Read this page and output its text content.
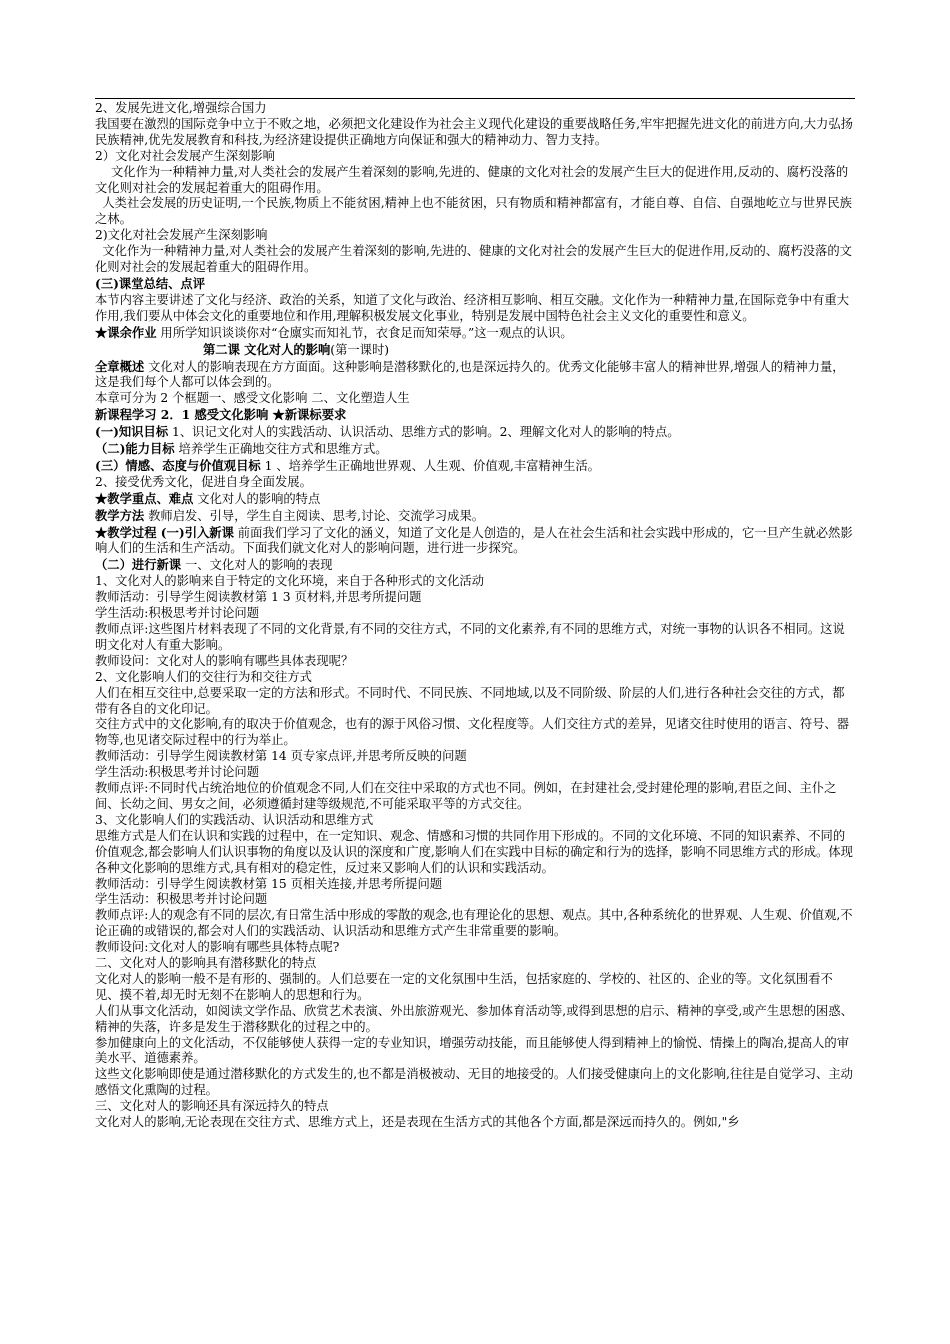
2、发展先进文化,增强综合国力

我国要在激烈的国际竞争中立于不败之地，必须把文化建设作为社会主义现代化建设的重要战略任务,牢牢把握先进文化的前进方向,大力弘扬民族精神,优先发展教育和科技,为经济建设提供正确地方向保证和强大的精神动力、智力支持。

2）文化对社会发展产生深刻影响

文化作为一种精神力量,对人类社会的发展产生着深刻的影响,先进的、健康的文化对社会的发展产生巨大的促进作用,反动的、腐朽没落的文化则对社会的发展起着重大的阻碍作用。

人类社会发展的历史证明,一个民族,物质上不能贫困,精神上也不能贫困，只有物质和精神都富有，才能自尊、自信、自强地屹立与世界民族之林。

2)文化对社会发展产生深刻影响

文化作为一种精神力量,对人类社会的发展产生着深刻的影响,先进的、健康的文化对社会的发展产生巨大的促进作用,反动的、腐朽没落的文化则对社会的发展起着重大的阻碍作用。

(三)课堂总结、点评

本节内容主要讲述了文化与经济、政治的关系，知道了文化与政治、经济相互影响、相互交融。文化作为一种精神力量,在国际竞争中有重大作用,我们要从中体会文化的重要地位和作用,理解积极发展文化事业，特别是发展中国特色社会主义文化的重要性和意义。

★课余作业 用所学知识谈谈你对“仓廪实而知礼节，衣食足而知荣辱。”这一观点的认识。

第二课 文化对人的影响(第一课时)

全章概述 文化对人的影响表现在方方面面。这种影响是潜移默化的,也是深远持久的。优秀文化能够丰富人的精神世界,增强人的精神力量，这是我们每个人都可以体会到的。

本章可分为 2 个框题一、感受文化影响 二、文化塑造人生

新课程学习 2．1 感受文化影响 ★新课标要求

(一)知识目标 1、识记文化对人的实践活动、认识活动、思维方式的影响。2、理解文化对人的影响的特点。

（二)能力目标 培养学生正确地交往方式和思维方式。

(三）情感、态度与价值观目标 1 、培养学生正确地世界观、人生观、价值观,丰富精神生活。

2、接受优秀文化，促进自身全面发展。

★教学重点、难点 文化对人的影响的特点

教学方法 教师启发、引导，学生自主阅读、思考,讨论、交流学习成果。

★教学过程 (一)引入新课 前面我们学习了文化的涵义，知道了文化是人创造的，是人在社会生活和社会实践中形成的，它一旦产生就必然影响人们的生活和生产活动。下面我们就文化对人的影响问题，进行进一步探究。

（二）进行新课 一、文化对人的影响的表现

1、文化对人的影响来自于特定的文化环境，来自于各种形式的文化活动

教师活动：引导学生阅读教材第 1 3 页材料,并思考所提问题

学生活动:积极思考并讨论问题

教师点评:这些图片材料表现了不同的文化背景,有不同的交往方式，不同的文化素养,有不同的思维方式，对统一事物的认识各不相同。这说明文化对人有重大影响。

教师设问：文化对人的影响有哪些具体表现呢？

2、文化影响人们的交往行为和交往方式

人们在相互交往中,总要采取一定的方法和形式。不同时代、不同民族、不同地域,以及不同阶级、阶层的人们,进行各种社会交往的方式，都带有各自的文化印记。

交往方式中的文化影响,有的取决于价值观念，也有的源于风俗习惯、文化程度等。人们交往方式的差异，见诸交往时使用的语言、符号、器物等,也见诸交际过程中的行为举止。

教师活动：引导学生阅读教材第 14 页专家点评,并思考所反映的问题

学生活动:积极思考并讨论问题

教师点评:不同时代占统治地位的价值观念不同,人们在交往中采取的方式也不同。例如，在封建社会,受封建伦理的影响,君臣之间、主仆之间、长幼之间、男女之间，必须遵循封建等级规范,不可能采取平等的方式交往。

3、文化影响人们的实践活动、认识活动和思维方式

思维方式是人们在认识和实践的过程中，在一定知识、观念、情感和习惯的共同作用下形成的。不同的文化环境、不同的知识素养、不同的价值观念,都会影响人们认识事物的角度以及认识的深度和广度,影响人们在实践中目标的确定和行为的选择，影响不同思维方式的形成。体现各种文化影响的思维方式,具有相对的稳定性，反过来又影响人们的认识和实践活动。

教师活动：引导学生阅读教材第 15 页相关连接,并思考所提问题

学生活动：积极思考并讨论问题

教师点评:人的观念有不同的层次,有日常生活中形成的零散的观念,也有理论化的思想、观点。其中,各种系统化的世界观、人生观、价值观,不论正确的或错误的,都会对人们的实践活动、认识活动和思维方式产生非常重要的影响。

教师设问:文化对人的影响有哪些具体特点呢?

二、文化对人的影响具有潜移默化的特点

文化对人的影响一般不是有形的、强制的。人们总要在一定的文化氛围中生活，包括家庭的、学校的、社区的、企业的等。文化氛围看不见、摸不着,却无时无刻不在影响人的思想和行为。

人们从事文化活动，如阅读文学作品、欣赏艺术表演、外出旅游观光、参加体育活动等,或得到思想的启示、精神的享受,或产生思想的困惑、精神的失落，许多是发生于潜移默化的过程之中的。

参加健康向上的文化活动，不仅能够使人获得一定的专业知识，增强劳动技能，而且能够使人得到精神上的愉悦、情操上的陶冶,提高人的审美水平、道德素养。

这些文化影响即使是通过潜移默化的方式发生的,也不都是消极被动、无目的地接受的。人们接受健康向上的文化影响,往往是自觉学习、主动感悟文化熏陶的过程。

三、文化对人的影响还具有深远持久的特点

文化对人的影响,无论表现在交往方式、思维方式上，还是表现在生活方式的其他各个方面,都是深远而持久的。例如,"乡
